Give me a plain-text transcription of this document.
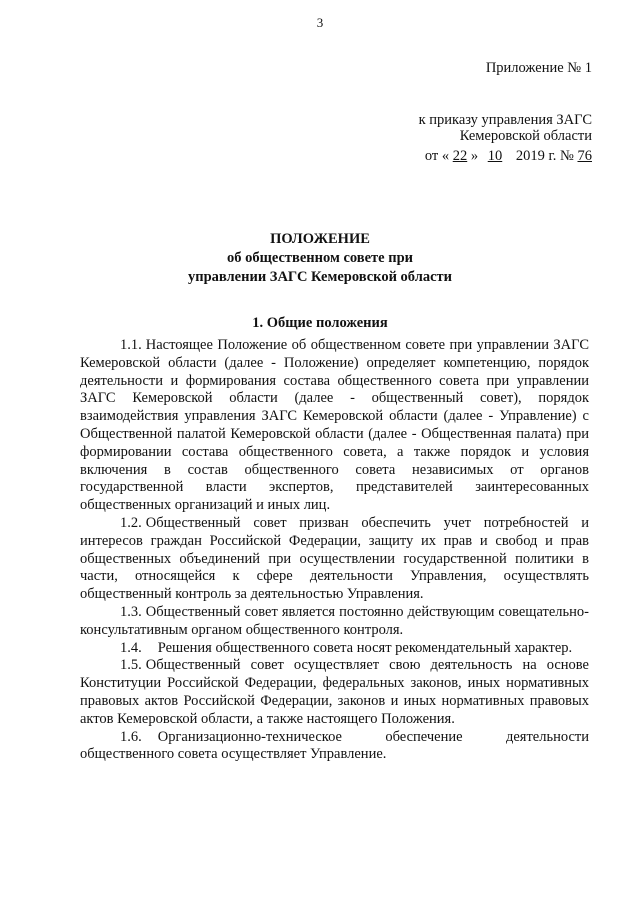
3
Приложение № 1
к приказу управления ЗАГС
Кемеровской области
от « 22 » 10 2019 г. № 76
ПОЛОЖЕНИЕ
об общественном совете при
управлении ЗАГС Кемеровской области
1. Общие положения

1.1. Настоящее Положение об общественном совете при управлении ЗАГС Кемеровской области (далее - Положение) определяет компетенцию, порядок деятельности и формирования состава общественного совета при управлении ЗАГС Кемеровской области (далее - общественный совет), порядок взаимодействия управления ЗАГС Кемеровской области (далее - Управление) с Общественной палатой Кемеровской области (далее - Общественная палата) при формировании состава общественного совета, а также порядок и условия включения в состав общественного совета независимых от органов государственной власти экспертов, представителей заинтересованных общественных организаций и иных лиц.

1.2. Общественный совет призван обеспечить учет потребностей и интересов граждан Российской Федерации, защиту их прав и свобод и прав общественных объединений при осуществлении государственной политики в части, относящейся к сфере деятельности Управления, осуществлять общественный контроль за деятельностью Управления.

1.3. Общественный совет является постоянно действующим совещательно-консультативным органом общественного контроля.

1.4. Решения общественного совета носят рекомендательный характер.

1.5. Общественный совет осуществляет свою деятельность на основе Конституции Российской Федерации, федеральных законов, иных нормативных правовых актов Российской Федерации, законов и иных нормативных правовых актов Кемеровской области, а также настоящего Положения.

1.6. Организационно-техническое обеспечение деятельности общественного совета осуществляет Управление.
